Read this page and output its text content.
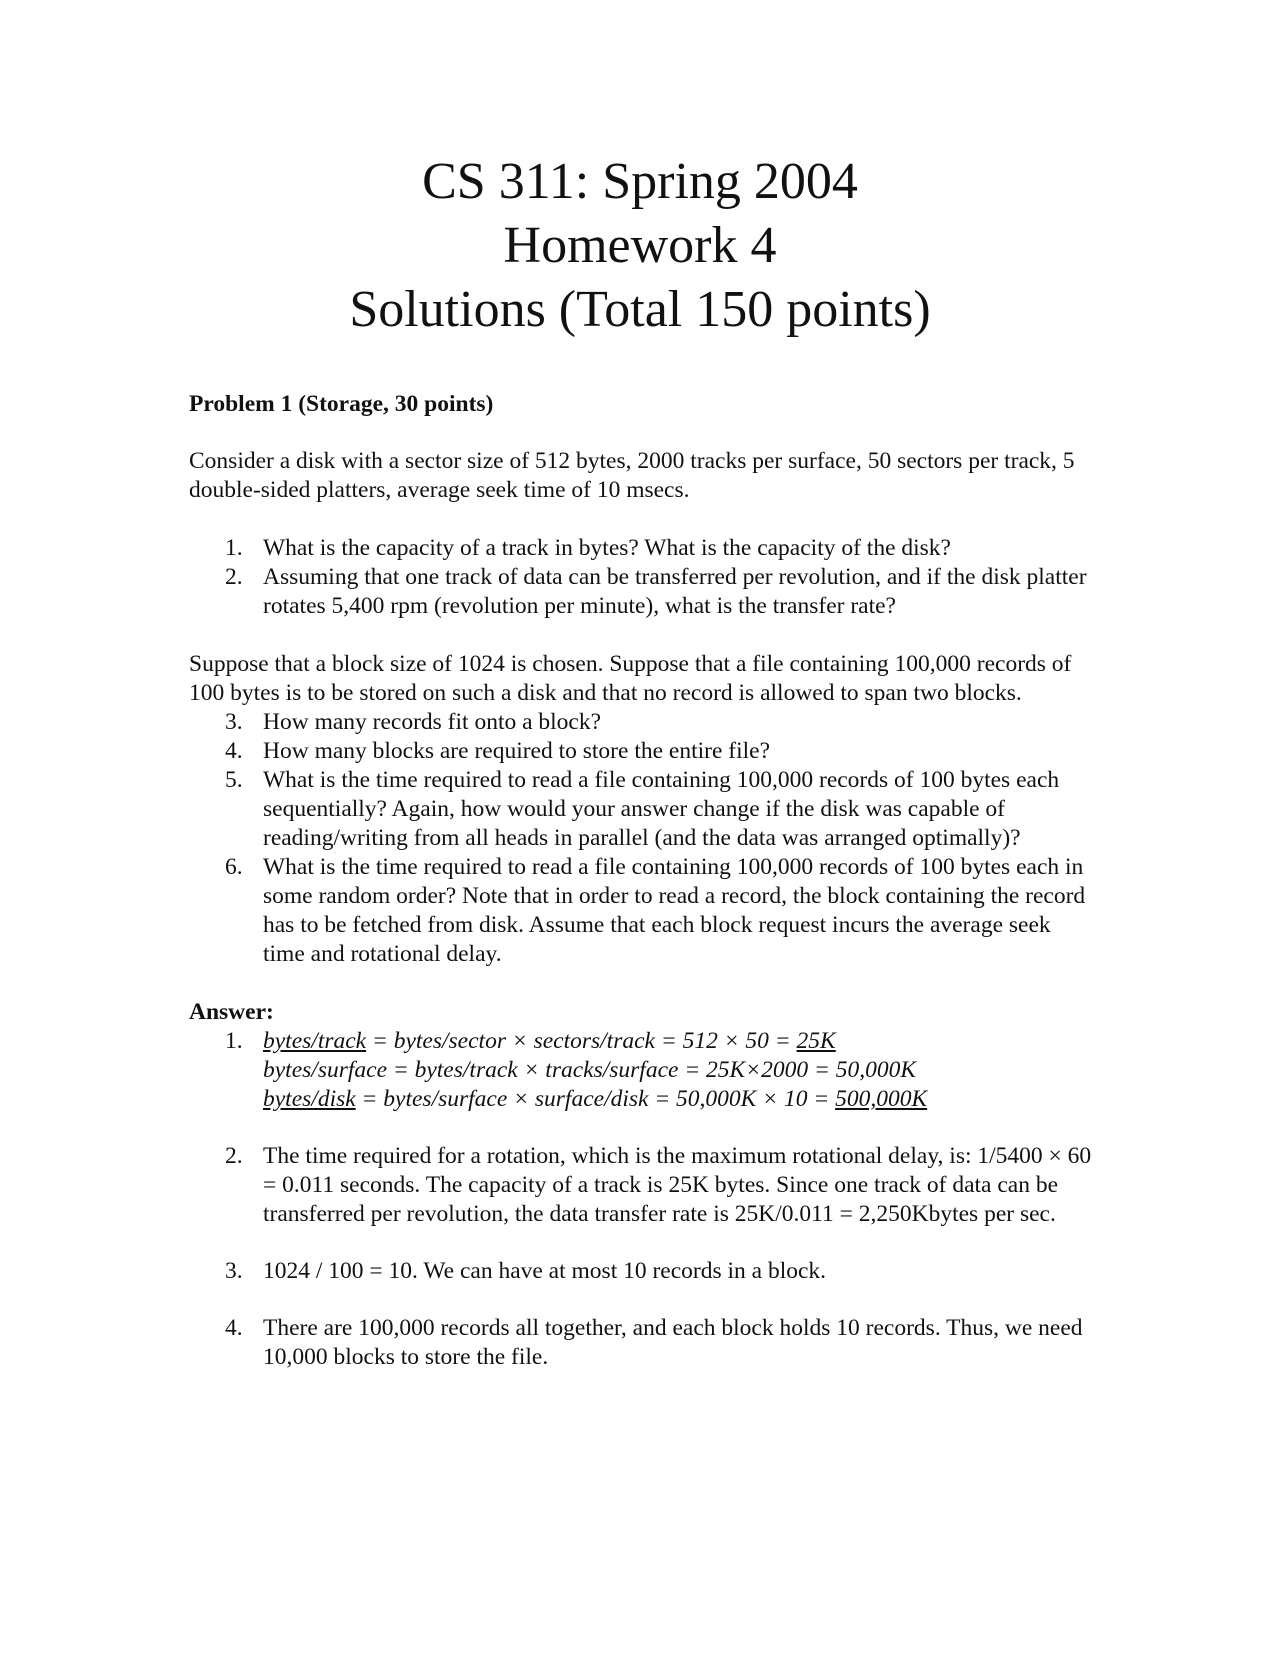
CS 311: Spring 2004
Homework 4
Solutions (Total 150 points)
Problem 1 (Storage, 30 points)

Consider a disk with a sector size of 512 bytes, 2000 tracks per surface, 50 sectors per track, 5 double-sided platters, average seek time of 10 msecs.

1. What is the capacity of a track in bytes? What is the capacity of the disk?
2. Assuming that one track of data can be transferred per revolution, and if the disk platter rotates 5,400 rpm (revolution per minute), what is the transfer rate?

Suppose that a block size of 1024 is chosen. Suppose that a file containing 100,000 records of 100 bytes is to be stored on such a disk and that no record is allowed to span two blocks.

3. How many records fit onto a block?
4. How many blocks are required to store the entire file?
5. What is the time required to read a file containing 100,000 records of 100 bytes each sequentially? Again, how would your answer change if the disk was capable of reading/writing from all heads in parallel (and the data was arranged optimally)?
6. What is the time required to read a file containing 100,000 records of 100 bytes each in some random order? Note that in order to read a record, the block containing the record has to be fetched from disk. Assume that each block request incurs the average seek time and rotational delay.
Answer:
1. bytes/track = bytes/sector × sectors/track = 512 × 50 = 25K
bytes/surface = bytes/track × tracks/surface = 25K×2000 = 50,000K
bytes/disk = bytes/surface × surface/disk = 50,000K × 10 = 500,000K
2. The time required for a rotation, which is the maximum rotational delay, is: 1/5400 × 60 = 0.011 seconds. The capacity of a track is 25K bytes. Since one track of data can be transferred per revolution, the data transfer rate is 25K/0.011 = 2,250Kbytes per sec.
3. 1024 / 100 = 10. We can have at most 10 records in a block.
4. There are 100,000 records all together, and each block holds 10 records. Thus, we need 10,000 blocks to store the file.
